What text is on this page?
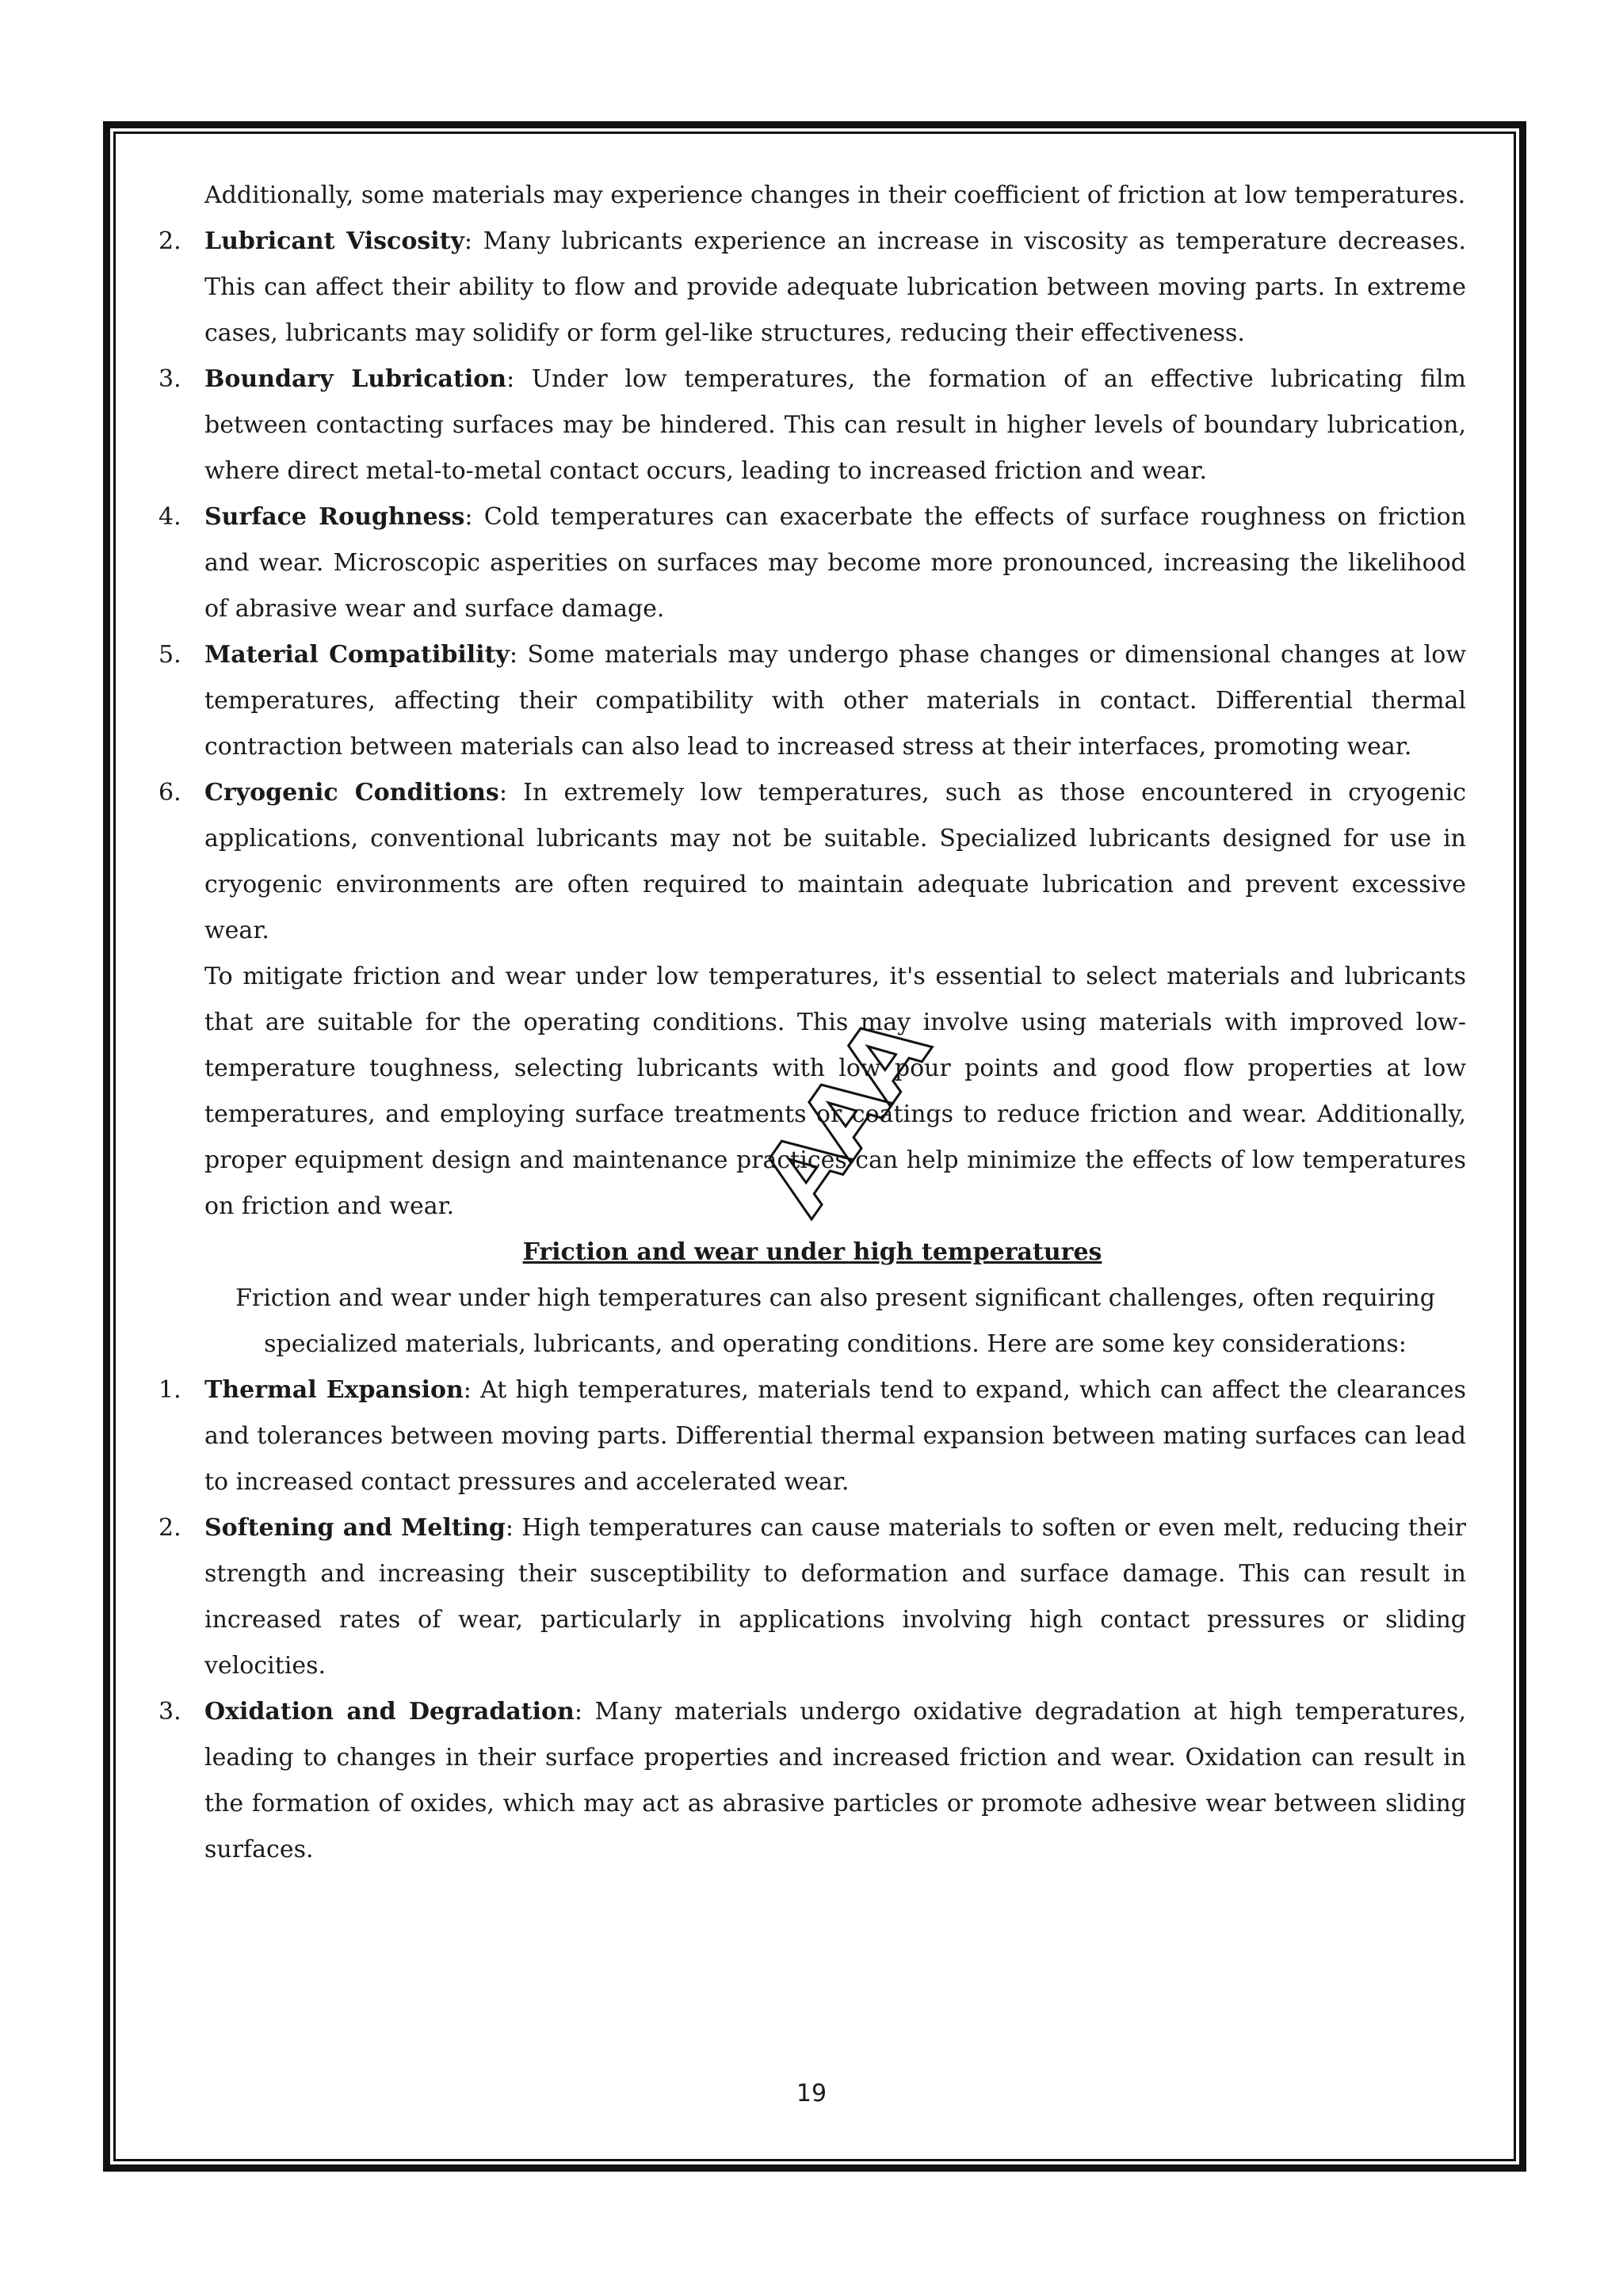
Additionally, some materials may experience changes in their coefficient of friction at low temperatures.

2. Lubricant Viscosity: Many lubricants experience an increase in viscosity as temperature decreases. This can affect their ability to flow and provide adequate lubrication between moving parts. In extreme cases, lubricants may solidify or form gel-like structures, reducing their effectiveness.

3. Boundary Lubrication: Under low temperatures, the formation of an effective lubricating film between contacting surfaces may be hindered. This can result in higher levels of boundary lubrication, where direct metal-to-metal contact occurs, leading to increased friction and wear.

4. Surface Roughness: Cold temperatures can exacerbate the effects of surface roughness on friction and wear. Microscopic asperities on surfaces may become more pronounced, increasing the likelihood of abrasive wear and surface damage.

5. Material Compatibility: Some materials may undergo phase changes or dimensional changes at low temperatures, affecting their compatibility with other materials in contact. Differential thermal contraction between materials can also lead to increased stress at their interfaces, promoting wear.

6. Cryogenic Conditions: In extremely low temperatures, such as those encountered in cryogenic applications, conventional lubricants may not be suitable. Specialized lubricants designed for use in cryogenic environments are often required to maintain adequate lubrication and prevent excessive wear.

To mitigate friction and wear under low temperatures, it's essential to select materials and lubricants that are suitable for the operating conditions. This may involve using materials with improved low-temperature toughness, selecting lubricants with low pour points and good flow properties at low temperatures, and employing surface treatments or coatings to reduce friction and wear. Additionally, proper equipment design and maintenance practices can help minimize the effects of low temperatures on friction and wear.

Friction and wear under high temperatures

Friction and wear under high temperatures can also present significant challenges, often requiring specialized materials, lubricants, and operating conditions. Here are some key considerations:

1. Thermal Expansion: At high temperatures, materials tend to expand, which can affect the clearances and tolerances between moving parts. Differential thermal expansion between mating surfaces can lead to increased contact pressures and accelerated wear.

2. Softening and Melting: High temperatures can cause materials to soften or even melt, reducing their strength and increasing their susceptibility to deformation and surface damage. This can result in increased rates of wear, particularly in applications involving high contact pressures or sliding velocities.

3. Oxidation and Degradation: Many materials undergo oxidative degradation at high temperatures, leading to changes in their surface properties and increased friction and wear. Oxidation can result in the formation of oxides, which may act as abrasive particles or promote adhesive wear between sliding surfaces.

AAA
19
